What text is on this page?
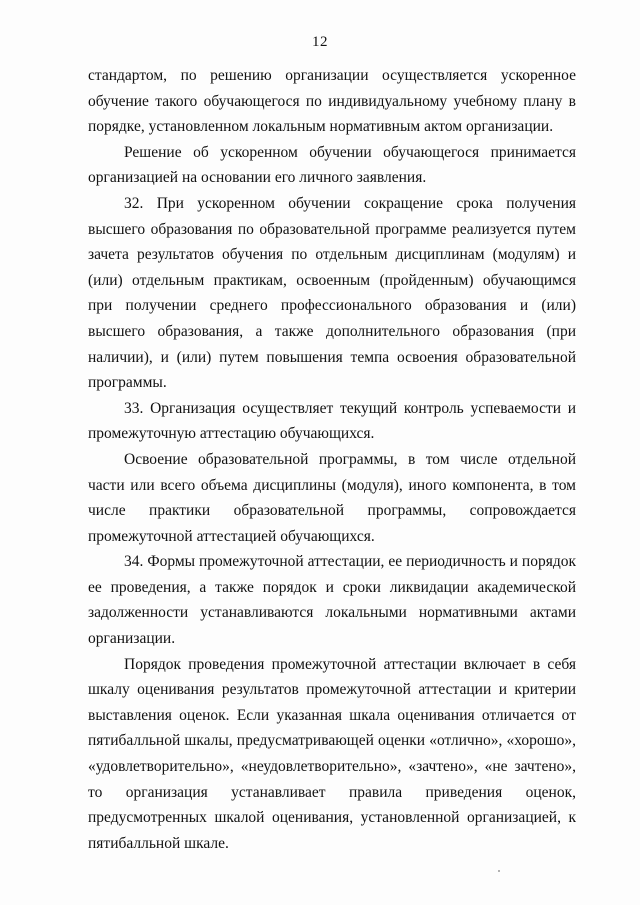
12

стандартом, по решению организации осуществляется ускоренное обучение такого обучающегося по индивидуальному учебному плану в порядке, установленном локальным нормативным актом организации.

Решение об ускоренном обучении обучающегося принимается организацией на основании его личного заявления.

32. При ускоренном обучении сокращение срока получения высшего образования по образовательной программе реализуется путем зачета результатов обучения по отдельным дисциплинам (модулям) и (или) отдельным практикам, освоенным (пройденным) обучающимся при получении среднего профессионального образования и (или) высшего образования, а также дополнительного образования (при наличии), и (или) путем повышения темпа освоения образовательной программы.

33. Организация осуществляет текущий контроль успеваемости и промежуточную аттестацию обучающихся.

Освоение образовательной программы, в том числе отдельной части или всего объема дисциплины (модуля), иного компонента, в том числе практики образовательной программы, сопровождается промежуточной аттестацией обучающихся.

34. Формы промежуточной аттестации, ее периодичность и порядок ее проведения, а также порядок и сроки ликвидации академической задолженности устанавливаются локальными нормативными актами организации.

Порядок проведения промежуточной аттестации включает в себя шкалу оценивания результатов промежуточной аттестации и критерии выставления оценок. Если указанная шкала оценивания отличается от пятибалльной шкалы, предусматривающей оценки «отлично», «хорошо», «удовлетворительно», «неудовлетворительно», «зачтено», «не зачтено», то организация устанавливает правила приведения оценок, предусмотренных шкалой оценивания, установленной организацией, к пятибалльной шкале.
